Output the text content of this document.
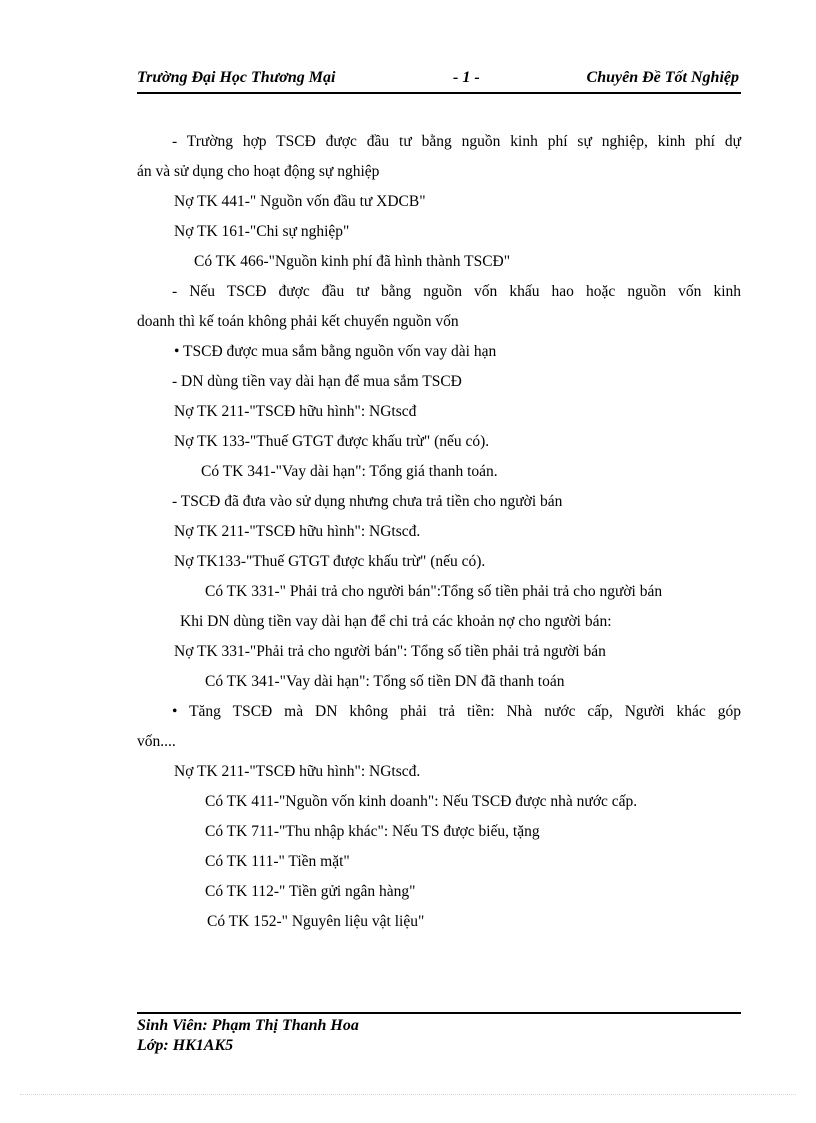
Trường Đại Học Thương Mại	- 1 -	Chuyên Đề Tốt Nghiệp
- Trường hợp TSCĐ được đầu tư bằng nguồn kinh phí sự nghiệp, kinh phí dự
án và sử dụng cho hoạt động sự nghiệp
Nợ TK 441-" Nguồn vốn đầu tư XDCB"
Nợ TK 161-"Chi sự nghiệp"
Có TK 466-"Nguồn kinh phí đã hình thành TSCĐ"
- Nếu TSCĐ được đầu tư bằng nguồn vốn khấu hao hoặc nguồn vốn kinh
doanh thì kế toán không phải kết chuyển nguồn vốn
• TSCĐ được mua sắm bằng nguồn vốn vay dài hạn
- DN dùng tiền vay dài hạn để mua sắm TSCĐ
Nợ TK 211-"TSCĐ hữu hình": NGtscđ
Nợ TK 133-"Thuế GTGT được khấu trừ" (nếu có).
Có TK 341-"Vay dài hạn": Tổng giá thanh toán.
- TSCĐ đã đưa vào sử dụng nhưng chưa trả tiền cho người bán
Nợ TK 211-"TSCĐ hữu hình": NGtscđ.
Nợ TK133-"Thuế GTGT được khấu trừ" (nếu có).
Có TK 331-" Phải trả cho người bán":Tổng số tiền phải trả cho người bán
Khi DN dùng tiền vay dài hạn để chi trả các khoản nợ cho người bán:
Nợ TK 331-"Phải trả cho người bán": Tổng số tiền phải trả người bán
Có TK 341-"Vay dài hạn": Tổng số tiền DN đã thanh toán
• Tăng TSCĐ mà DN không phải trả tiền: Nhà nước cấp, Người khác góp
vốn....
Nợ TK 211-"TSCĐ hữu hình": NGtscđ.
Có TK 411-"Nguồn vốn kinh doanh": Nếu TSCĐ được nhà nước cấp.
Có TK 711-"Thu nhập khác": Nếu TS được biếu, tặng
Có TK 111-" Tiền mặt"
Có TK 112-" Tiền gửi ngân hàng"
Có TK 152-" Nguyên liệu vật liệu"
Sinh Viên: Phạm Thị Thanh Hoa
Lớp: HK1AK5
